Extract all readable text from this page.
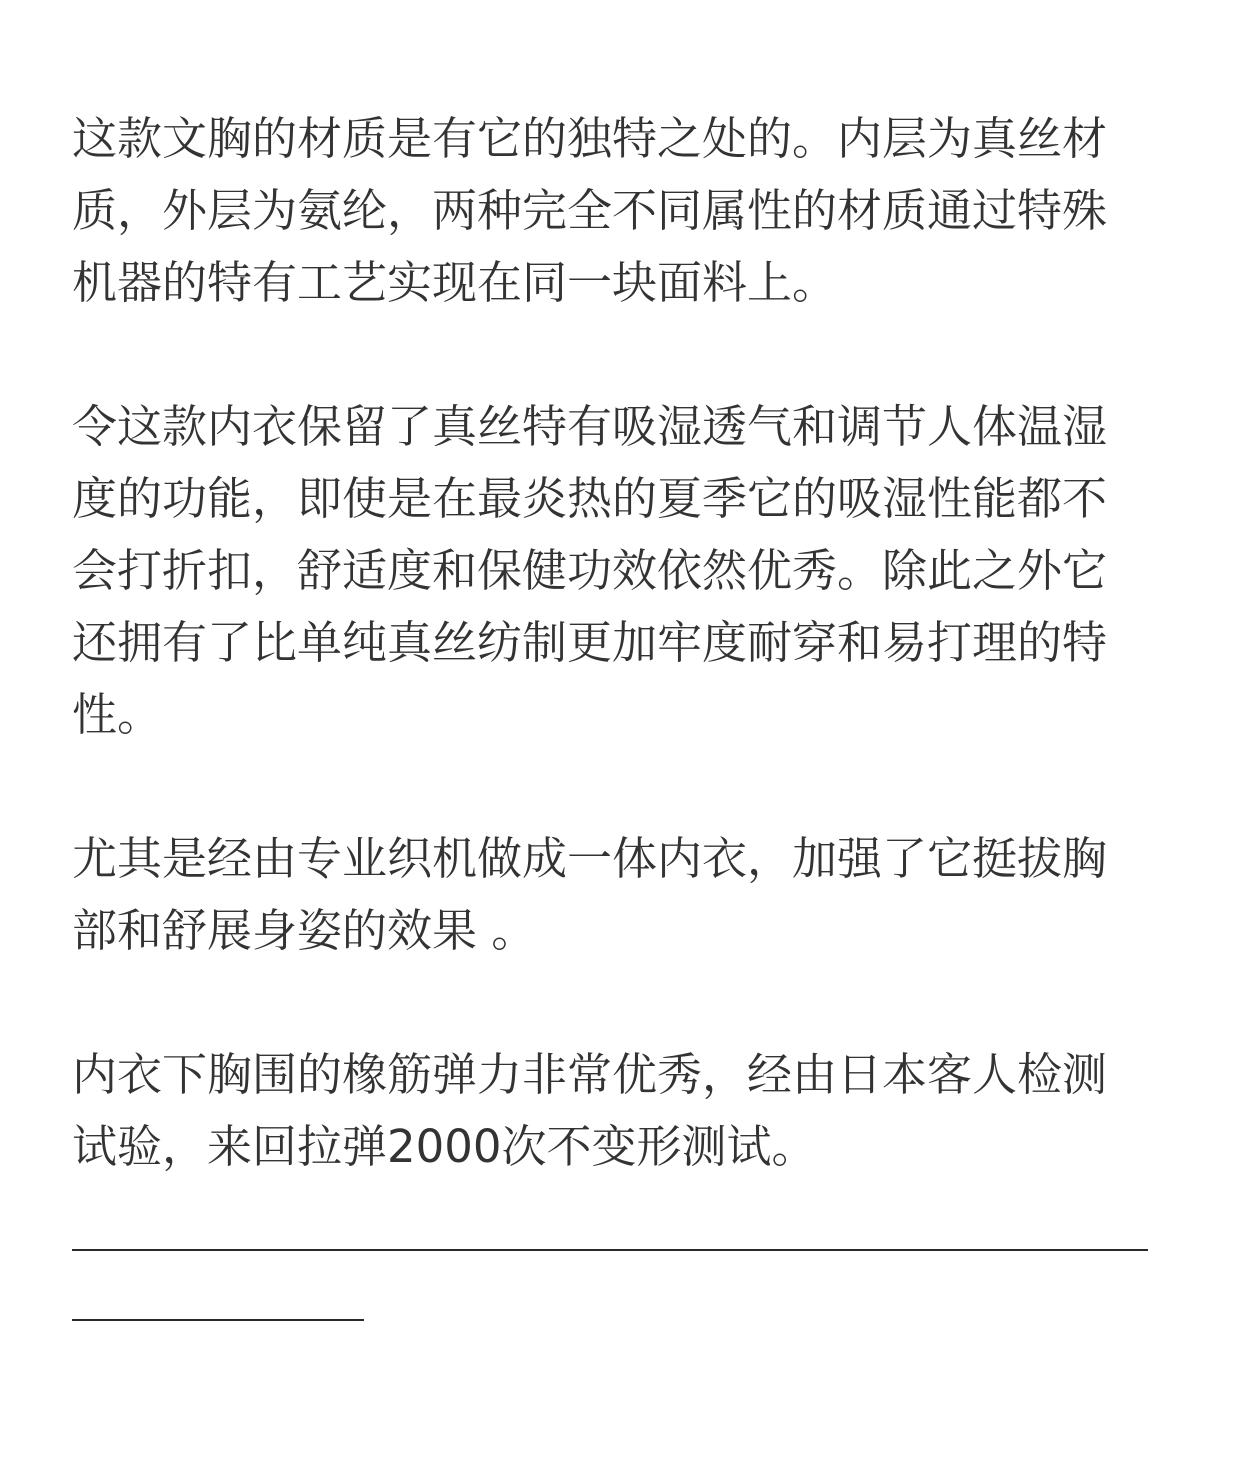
这款文胸的材质是有它的独特之处的。内层为真丝材质，外层为氨纶，两种完全不同属性的材质通过特殊机器的特有工艺实现在同一块面料上。

令这款内衣保留了真丝特有吸湿透气和调节人体温湿度的功能，即使是在最炎热的夏季它的吸湿性能都不会打折扣，舒适度和保健功效依然优秀。除此之外它还拥有了比单纯真丝纺制更加牢度耐穿和易打理的特性。

尤其是经由专业织机做成一体内衣，加强了它挺拔胸部和舒展身姿的效果 。

内衣下胸围的橡筋弹力非常优秀，经由日本客人检测试验，来回拉弹2000次不变形测试。
